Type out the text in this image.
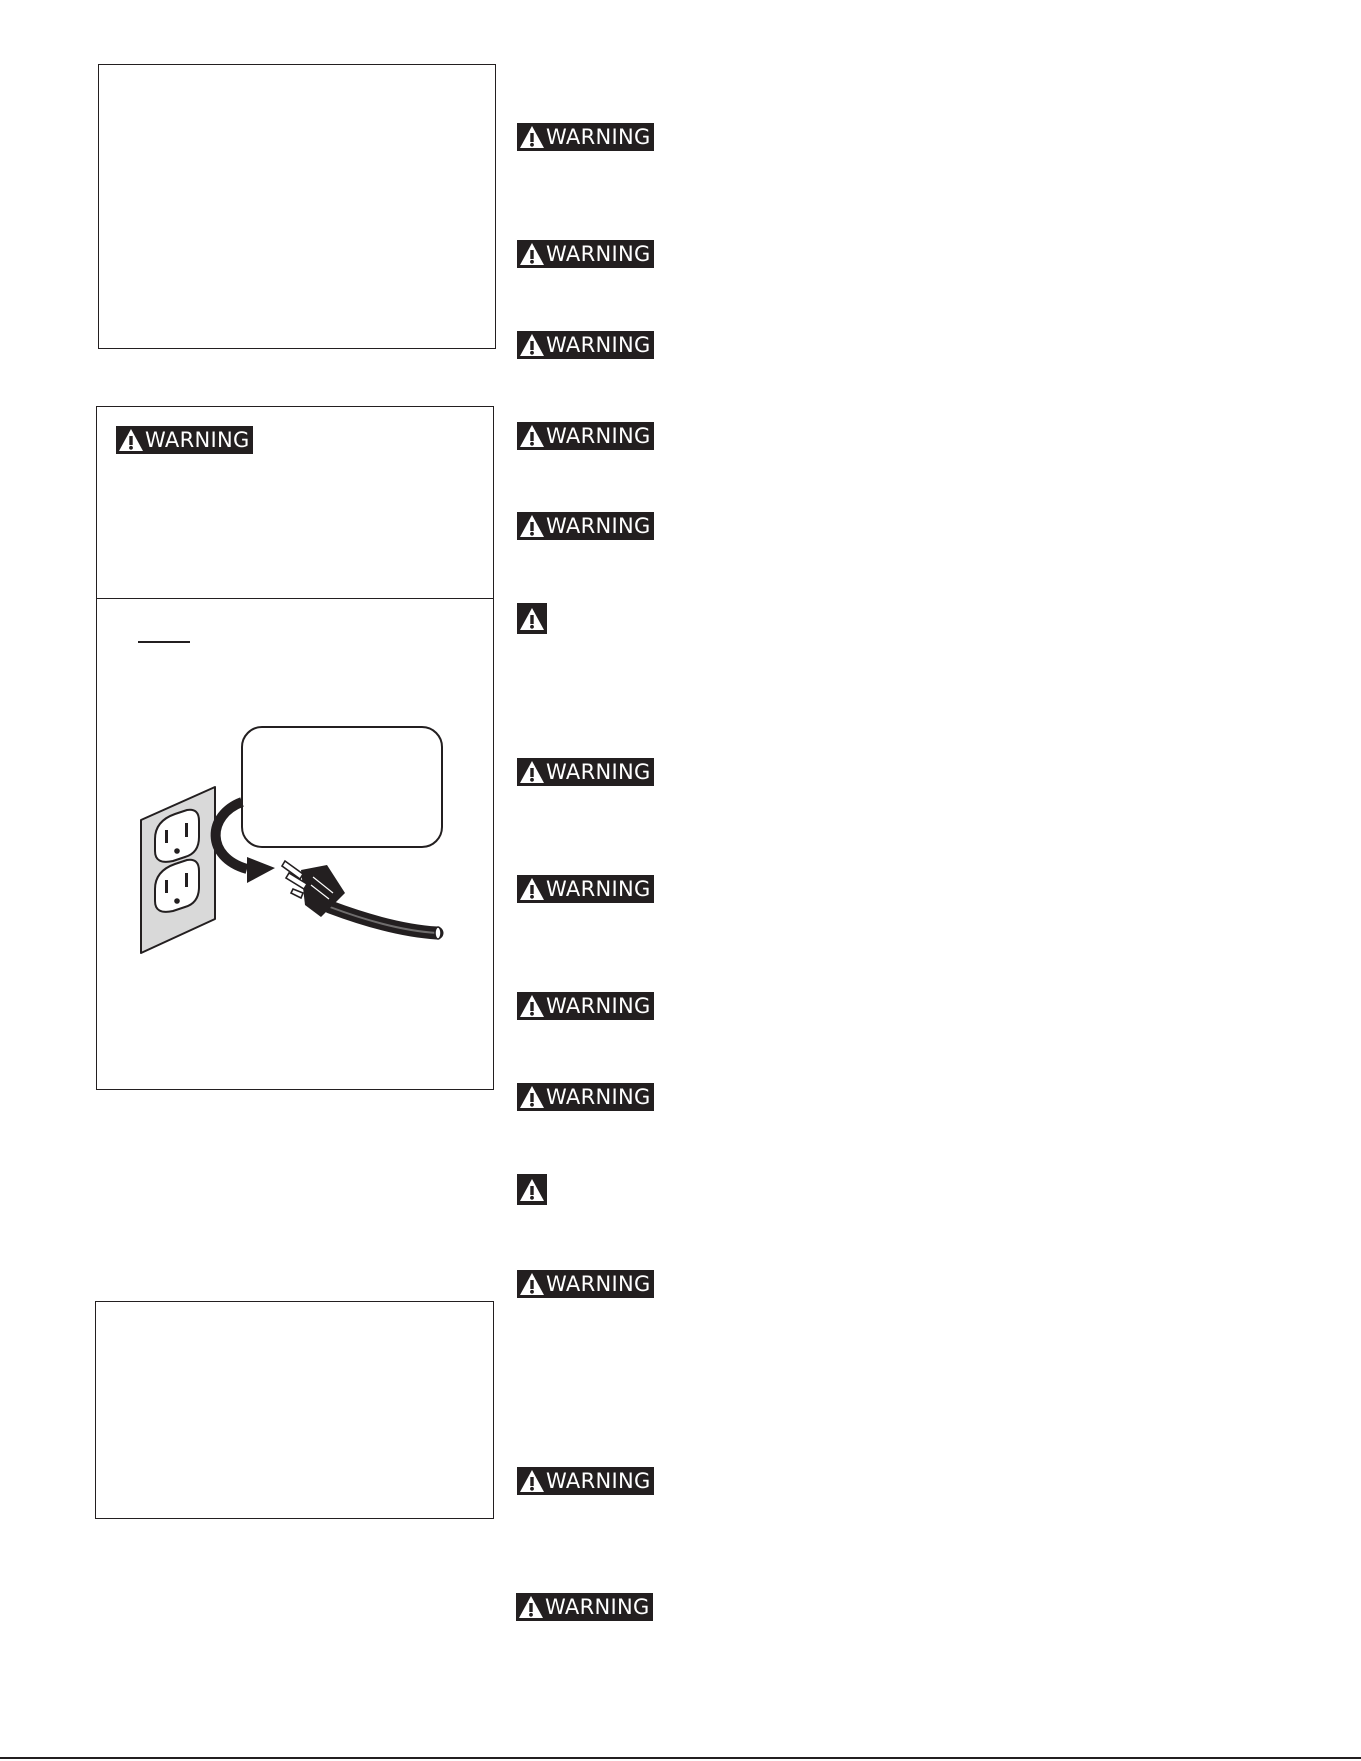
WARNING
WARNING
WARNING
WARNING
WARNING
WARNING
WARNING
WARNING
WARNING
WARNING
WARNING
WARNING
WARNING
